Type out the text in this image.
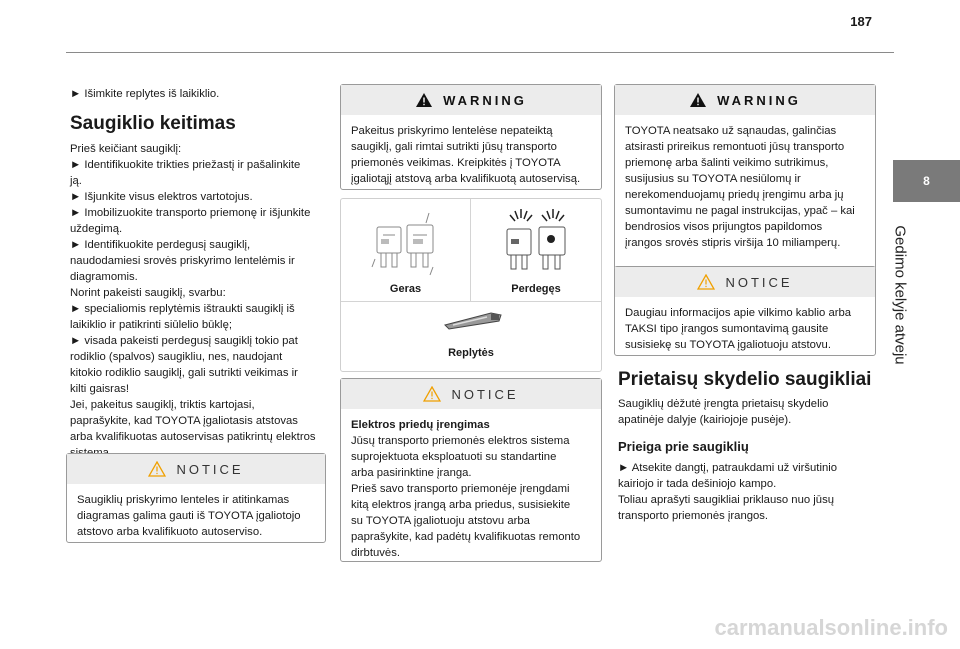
187
8
Gedimo kelyje atveju

► Išimkite replytes iš laikiklio.

Saugiklio keitimas

Prieš keičiant saugiklį:

► Identifikuokite trikties priežastį ir pašalinkite

ją.

► Išjunkite visus elektros vartotojus.

► Imobilizuokite transporto priemonę ir išjunkite

uždegimą.

► Identifikuokite perdegusį saugiklį,

naudodamiesi srovės priskyrimo lentelėmis ir

diagramomis.

Norint pakeisti saugiklį, svarbu:

► specialiomis replytėmis ištraukti saugiklį iš

laikiklio ir patikrinti siūlelio būklę;

► visada pakeisti perdegusį saugiklį tokio pat

rodiklio (spalvos) saugikliu, nes, naudojant

kitokio rodiklio saugiklį, gali sutrikti veikimas ir

kilti gaisras!

Jei, pakeitus saugiklį, triktis kartojasi,

paprašykite, kad TOYOTA įgaliotasis atstovas

arba kvalifikuotas autoservisas patikrintų elektros

NOTICE

Saugiklių priskyrimo lenteles ir atitinkamas

diagramas galima gauti iš TOYOTA įgaliotojo

atstovo arba kvalifikuoto autoserviso.

WARNING

Pakeitus priskyrimo lentelėse nepateiktą

saugiklį, gali rimtai sutrikti jūsų transporto

priemonės veikimas. Kreipkitės į TOYOTA

įgaliotąjį atstovą arba kvalifikuotą autoservisą.

Geras	Perdegęs
Replytės
NOTICE

Elektros priedų įrengimas

Jūsų transporto priemonės elektros sistema

suprojektuota eksploatuoti su standartine

arba pasirinktine įranga.

Prieš savo transporto priemonėje įrengdami

kitą elektros įrangą arba priedus, susisiekite

su TOYOTA įgaliotuoju atstovu arba

paprašykite, kad padėtų kvalifikuotas remonto

dirbtuvės.

WARNING

TOYOTA neatsako už sąnaudas, galinčias

atsirasti prireikus remontuoti jūsų transporto

priemonę arba šalinti veikimo sutrikimus,

susijusius su TOYOTA nesiūlomų ir

nerekomenduojamų priedų įrengimu arba jų

sumontavimu ne pagal instrukcijas, ypač – kai

bendrosios visos prijungtos papildomos

įrangos srovės stipris viršija 10 miliamperų.

NOTICE

Daugiau informacijos apie vilkimo kablio arba

TAKSI tipo įrangos sumontavimą gausite

susisiekę su TOYOTA įgaliotuoju atstovu.

Prietaisų skydelio saugikliai

Saugiklių dėžutė įrengta prietaisų skydelio

apatinėje dalyje (kairiojoje pusėje).

Prieiga prie saugiklių

► Atsekite dangtį, patraukdami už viršutinio

kairiojo ir tada dešiniojo kampo.

Toliau aprašyti saugikliai priklauso nuo jūsų

transporto priemonės įrangos.

carmanualsonline.info
